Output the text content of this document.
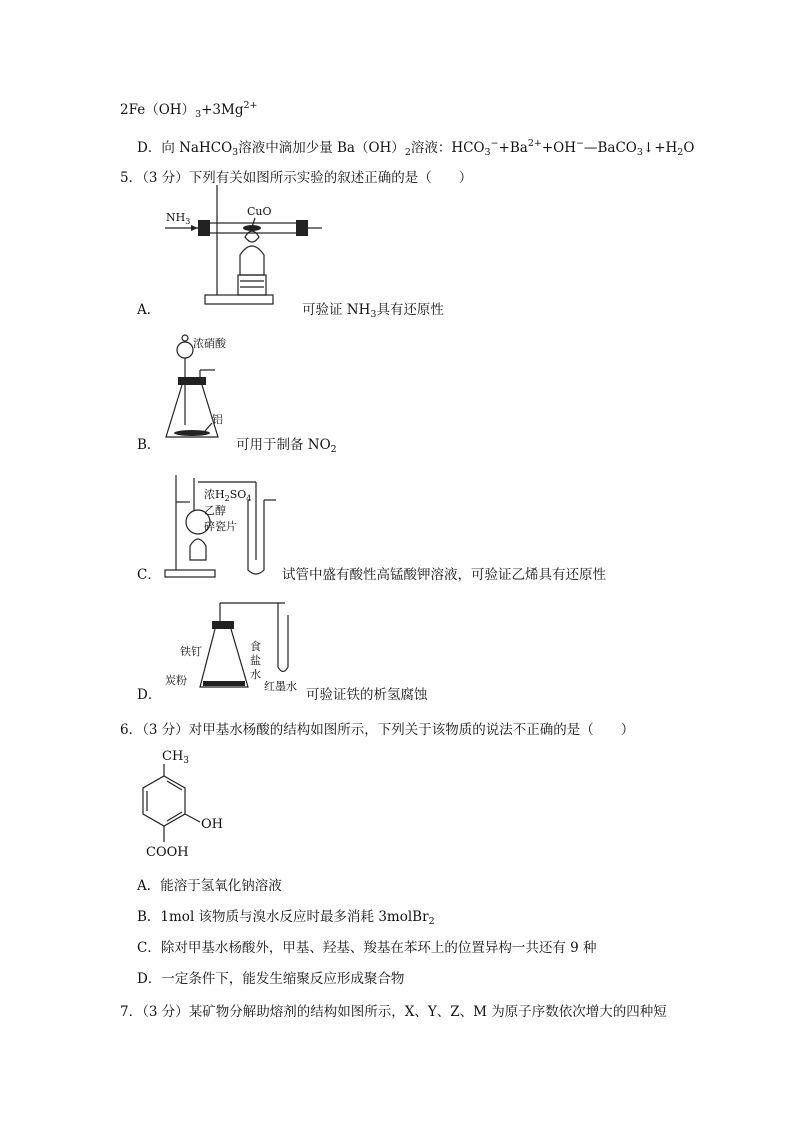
$2Fe(OH)_3+3Mg^{2+}$
D．向 NaHCO$_3$溶液中滴加少量 $Ba(OH)_2$溶液：$HCO_3^-+Ba^{2+}+OH^-—BaCO_3↓+H_2O$
5．（3 分）下列有关如图所示实验的叙述正确的是（　　）
$NH_3$
CuO
A．	可验证 $NH_3$具有还原性
浓硝酸
铝
B．	可用于制备 $NO_2$
浓$H_2SO_4$
乙醇
碎瓷片
C．	试管中盛有酸性高锰酸钾溶液，可验证乙烯具有还原性
铁钉
炭粉
食
盐
水
红墨水
D．	可验证铁的析氢腐蚀
6．（3 分）对甲基水杨酸的结构如图所示，下列关于该物质的说法不正确的是（　　）
$CH_3$
OH
COOH
A．能溶于氢氧化钠溶液
B．1mol 该物质与溴水反应时最多消耗 3molBr$_2$
C．除对甲基水杨酸外，甲基、羟基、羧基在苯环上的位置异构一共还有 9 种
D．一定条件下，能发生缩聚反应形成聚合物
7．（3 分）某矿物分解助熔剂的结构如图所示，X、Y、Z、M 为原子序数依次增大的四种短
